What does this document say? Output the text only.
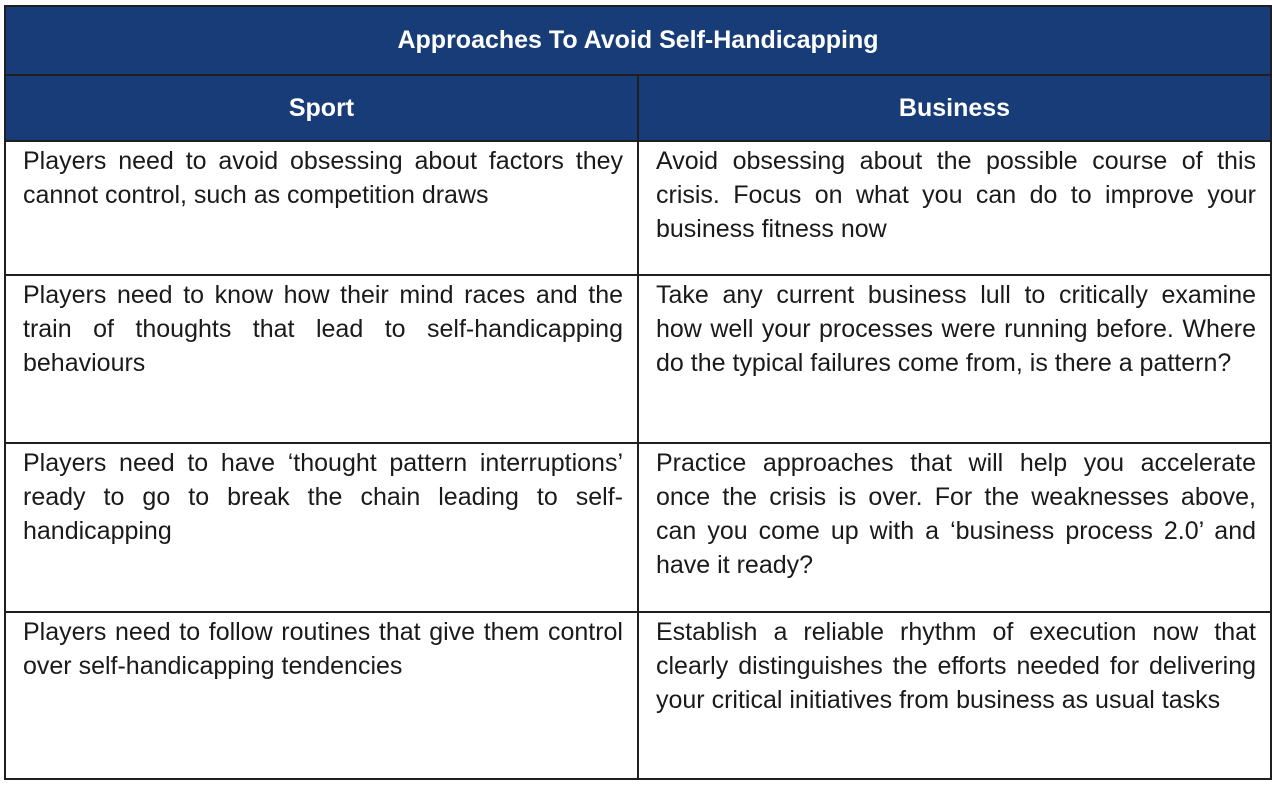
Approaches To Avoid Self-Handicapping	
Sport	Business
Players need to avoid obsessing about factors they cannot control, such as competition draws	Avoid obsessing about the possible course of this crisis. Focus on what you can do to improve your business fitness now
Players need to know how their mind races and the train of thoughts that lead to self-handicapping behaviours	Take any current business lull to critically examine how well your processes were running before. Where do the typical failures come from, is there a pattern?
Players need to have ‘thought pattern interruptions’ ready to go to break the chain leading to self-handicapping	Practice approaches that will help you accelerate once the crisis is over. For the weaknesses above, can you come up with a ‘business process 2.0’ and have it ready?
Players need to follow routines that give them control over self-handicapping tendencies	Establish a reliable rhythm of execution now that clearly distinguishes the efforts needed for delivering your critical initiatives from business as usual tasks
